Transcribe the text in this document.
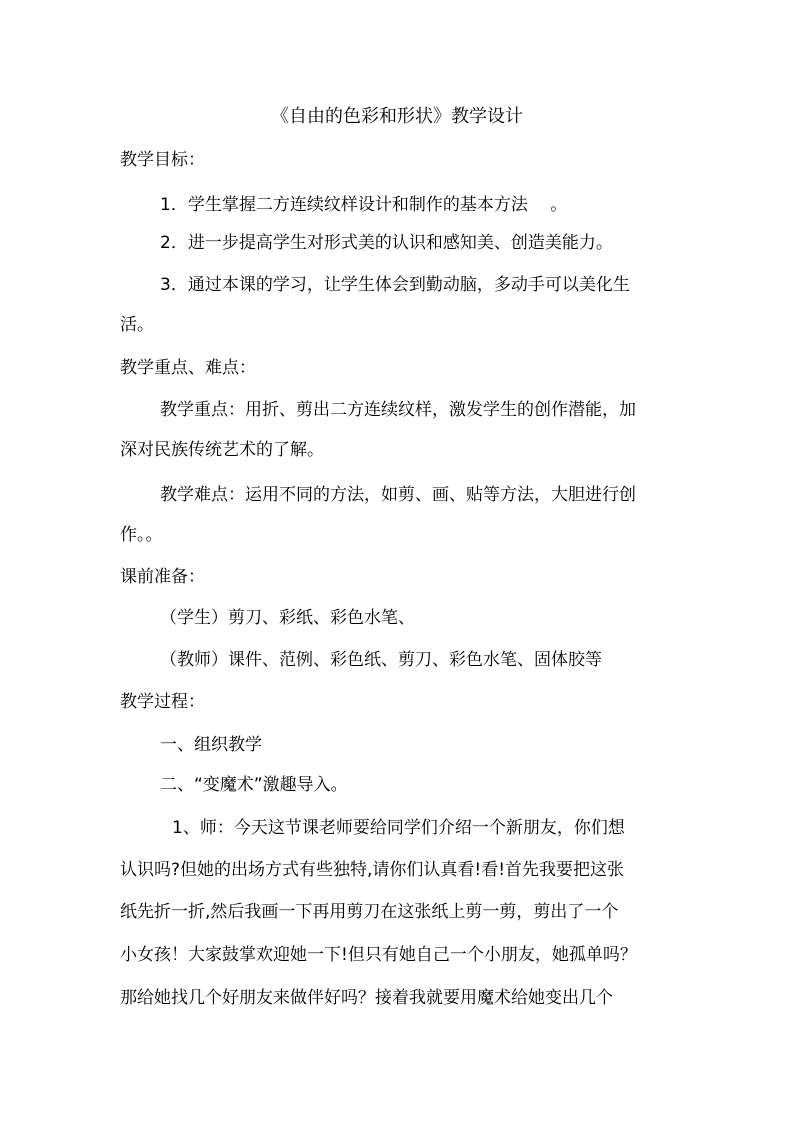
《自由的色彩和形状》教学设计
教学目标：
1．学生掌握二方连续纹样设计和制作的基本方法　 。
2．进一步提高学生对形式美的认识和感知美、创造美能力。
3．通过本课的学习，让学生体会到勤动脑，多动手可以美化生
活。
教学重点、难点：
教学重点：用折、剪出二方连续纹样，激发学生的创作潜能，加
深对民族传统艺术的了解。
教学难点：运用不同的方法，如剪、画、贴等方法，大胆进行创
作。。
课前准备：
（学生）剪刀、彩纸、彩色水笔、
（教师）课件、范例、彩色纸、剪刀、彩色水笔、固体胶等
教学过程：
一、组织教学
二、“变魔术”激趣导入。
1、师：今天这节课老师要给同学们介绍一个新朋友，你们想
认识吗?但她的出场方式有些独特,请你们认真看!看!首先我要把这张
纸先折一折,然后我画一下再用剪刀在这张纸上剪一剪，剪出了一个
小女孩！大家鼓掌欢迎她一下!但只有她自己一个小朋友，她孤单吗？
那给她找几个好朋友来做伴好吗？接着我就要用魔术给她变出几个
